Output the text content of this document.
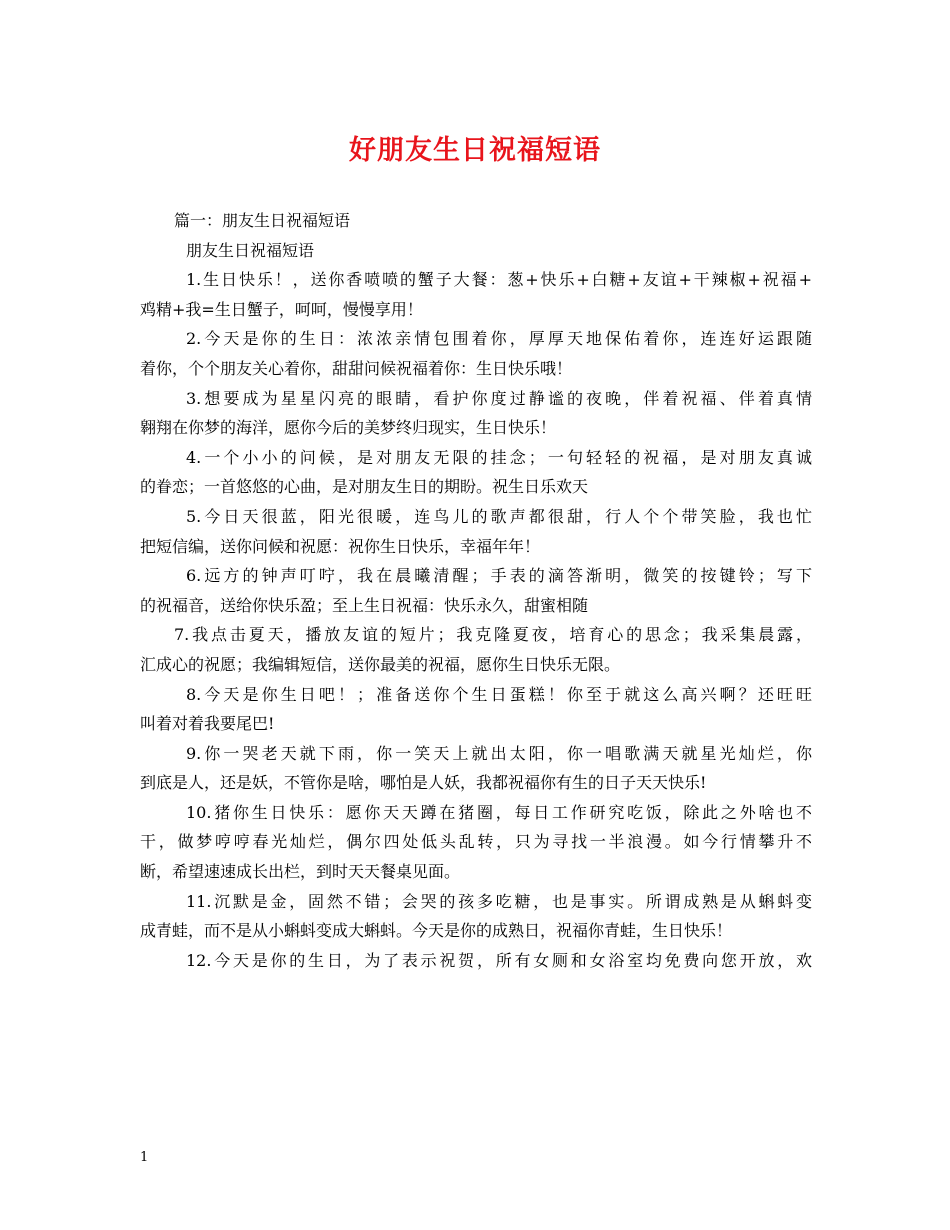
好朋友生日祝福短语
篇一：朋友生日祝福短语
朋友生日祝福短语
1.生日快乐！，送你香喷喷的蟹子大餐：葱+快乐+白糖+友谊+干辣椒+祝福+
鸡精+我=生日蟹子，呵呵，慢慢享用！
2.今天是你的生日：浓浓亲情包围着你，厚厚天地保佑着你，连连好运跟随
着你，个个朋友关心着你，甜甜问候祝福着你：生日快乐哦！
3.想要成为星星闪亮的眼睛，看护你度过静谧的夜晚，伴着祝福、伴着真情
翱翔在你梦的海洋，愿你今后的美梦终归现实，生日快乐！
4.一个小小的问候，是对朋友无限的挂念；一句轻轻的祝福，是对朋友真诚
的眷恋；一首悠悠的心曲，是对朋友生日的期盼。祝生日乐欢天
5.今日天很蓝，阳光很暖，连鸟儿的歌声都很甜，行人个个带笑脸，我也忙
把短信编，送你问候和祝愿：祝你生日快乐，幸福年年！
6.远方的钟声叮咛，我在晨曦清醒；手表的滴答渐明，微笑的按键铃；写下
的祝福音，送给你快乐盈；至上生日祝福：快乐永久，甜蜜相随
7.我点击夏天，播放友谊的短片；我克隆夏夜，培育心的思念；我采集晨露，
汇成心的祝愿；我编辑短信，送你最美的祝福，愿你生日快乐无限。
8.今天是你生日吧！；准备送你个生日蛋糕！你至于就这么高兴啊？还旺旺
叫着对着我要尾巴!
9.你一哭老天就下雨，你一笑天上就出太阳，你一唱歌满天就星光灿烂，你
到底是人，还是妖，不管你是啥，哪怕是人妖，我都祝福你有生的日子天天快乐!
10.猪你生日快乐：愿你天天蹲在猪圈，每日工作研究吃饭，除此之外啥也不
干，做梦哼哼春光灿烂，偶尔四处低头乱转，只为寻找一半浪漫。如今行情攀升不
断，希望速速成长出栏，到时天天餐桌见面。
11.沉默是金，固然不错；会哭的孩多吃糖，也是事实。所谓成熟是从蝌蚪变
成青蛙，而不是从小蝌蚪变成大蝌蚪。今天是你的成熟日，祝福你青蛙，生日快乐！
12.今天是你的生日，为了表示祝贺，所有女厕和女浴室均免费向您开放，欢
1
